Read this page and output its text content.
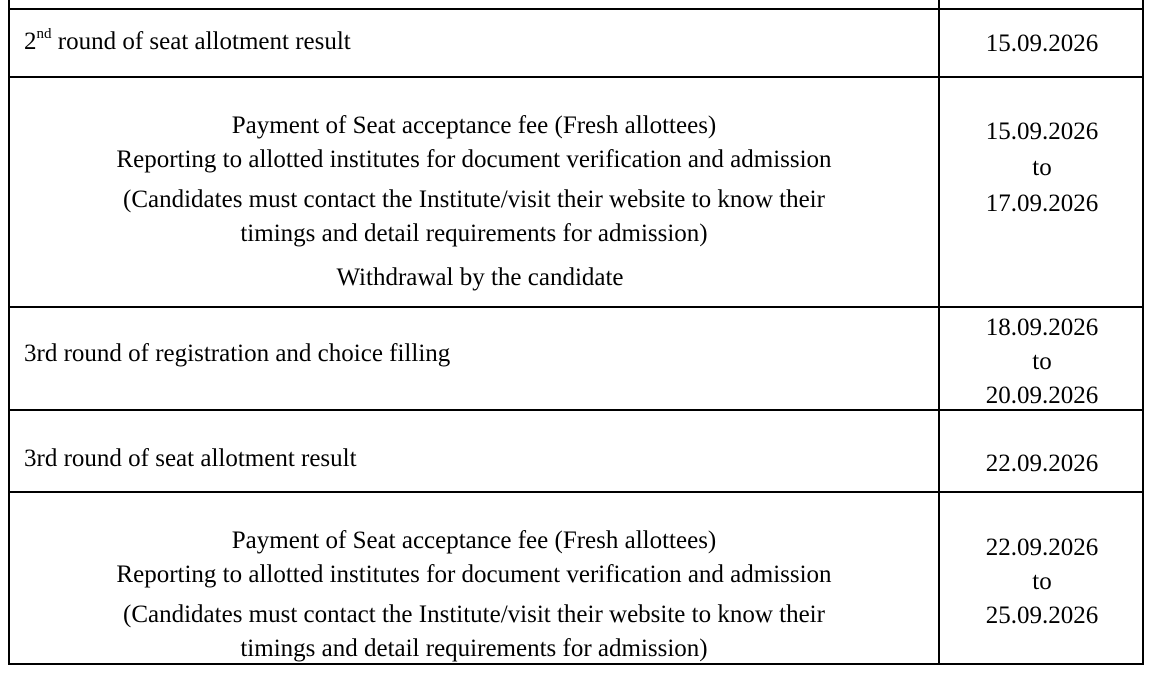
2nd round of seat allotment result	15.09.2026
Payment of Seat acceptance fee (Fresh allottees)
Reporting to allotted institutes for document verification and admission
(Candidates must contact the Institute/visit their website to know their
timings and detail requirements for admission)
Withdrawal by the candidate
15.09.2026
to
17.09.2026
3rd round of registration and choice filling
18.09.2026
to
20.09.2026
3rd round of seat allotment result	22.09.2026
Payment of Seat acceptance fee (Fresh allottees)
Reporting to allotted institutes for document verification and admission
(Candidates must contact the Institute/visit their website to know their
timings and detail requirements for admission)
22.09.2026
to
25.09.2026
